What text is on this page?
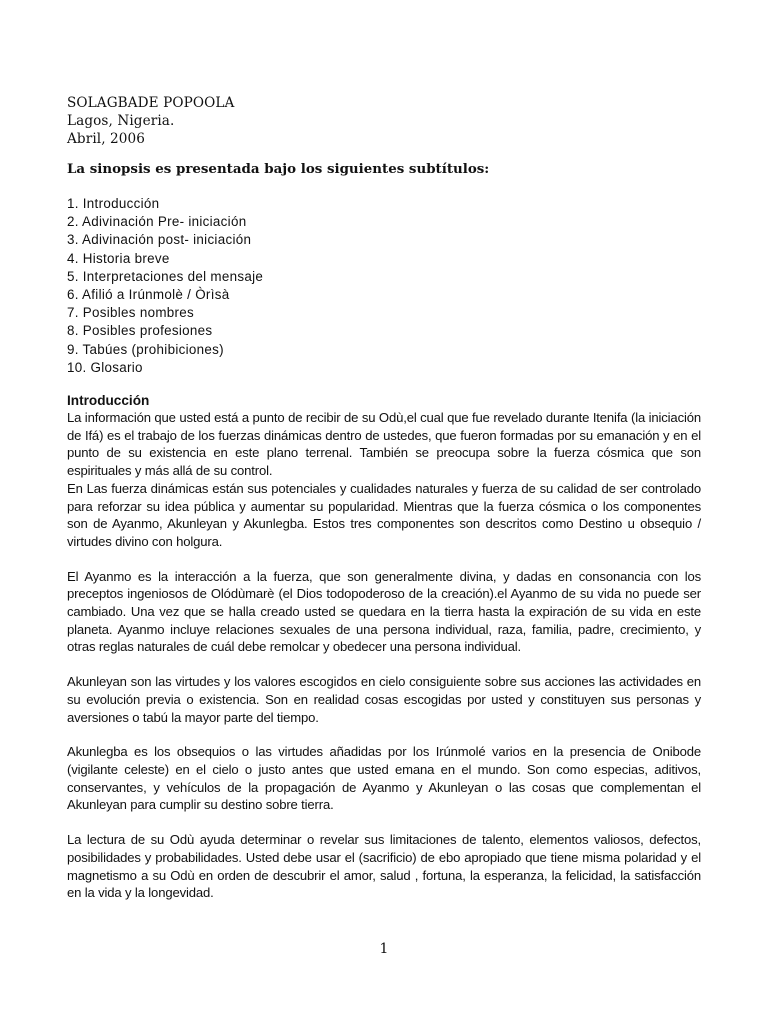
SOLAGBADE POPOOLA
Lagos, Nigeria.
Abril, 2006
La sinopsis es presentada bajo los siguientes subtítulos:
1. Introducción
2. Adivinación Pre- iniciación
3. Adivinación post- iniciación
4. Historia breve
5. Interpretaciones del mensaje
6. Afilió a Irúnmolè / Òrìsà
7. Posibles nombres
8. Posibles profesiones
9. Tabúes (prohibiciones)
10. Glosario
Introducción
La información que usted está a punto de recibir de su Odù,el cual que fue revelado durante Itenifa (la iniciación de Ifá) es el trabajo de los fuerzas dinámicas dentro de ustedes, que fueron formadas por su emanación y en el punto de su existencia en este plano terrenal. También se preocupa sobre la fuerza cósmica que son espirituales y más allá de su control.
En Las fuerza dinámicas están sus potenciales y cualidades naturales y fuerza de su calidad de ser controlado para reforzar su idea pública y aumentar su popularidad. Mientras que la fuerza cósmica o los componentes son de Ayanmo, Akunleyan y Akunlegba. Estos tres componentes son descritos como Destino u obsequio / virtudes divino con holgura.
El Ayanmo es la interacción a la fuerza, que son generalmente divina, y dadas en consonancia con los preceptos ingeniosos de Olódùmarè (el Dios todopoderoso de la creación).el Ayanmo de su vida no puede ser cambiado. Una vez que se halla creado usted se quedara en la tierra hasta la expiración de su vida en este planeta. Ayanmo incluye relaciones sexuales de una persona individual, raza, familia, padre, crecimiento, y otras reglas naturales de cuál debe remolcar y obedecer una persona individual.
Akunleyan son las virtudes y los valores escogidos en cielo consiguiente sobre sus acciones las actividades en su evolución previa o existencia. Son en realidad cosas escogidas por usted y constituyen sus personas y aversiones o tabú la mayor parte del tiempo.
Akunlegba es los obsequios o las virtudes añadidas por los Irúnmolé varios en la presencia de Onibode (vigilante celeste) en el cielo o justo antes que usted emana en el mundo. Son como especias, aditivos, conservantes, y vehículos de la propagación de Ayanmo y Akunleyan o las cosas que complementan el Akunleyan para cumplir su destino sobre tierra.
La lectura de su Odù ayuda determinar o revelar sus limitaciones de talento, elementos valiosos, defectos, posibilidades y probabilidades. Usted debe usar el (sacrificio) de ebo apropiado que tiene misma polaridad y el magnetismo a su Odù en orden de descubrir el amor, salud , fortuna, la esperanza, la felicidad, la satisfacción en la vida y la longevidad.
1
